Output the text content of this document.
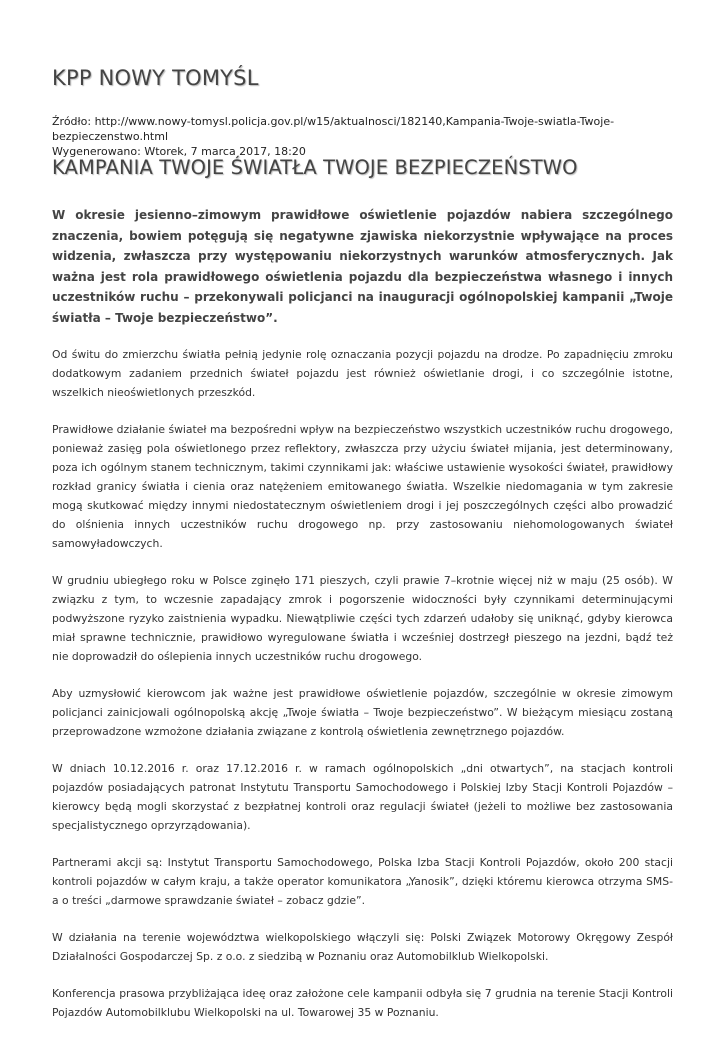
KPP NOWY TOMYŚL
Źródło: http://www.nowy-tomysl.policja.gov.pl/w15/aktualnosci/182140,Kampania-Twoje-swiatla-Twoje-bezpieczenstwo.html
Wygenerowano: Wtorek, 7 marca 2017, 18:20
KAMPANIA TWOJE ŚWIATŁA TWOJE BEZPIECZEŃSTWO

W okresie jesienno–zimowym prawidłowe oświetlenie pojazdów nabiera szczególnego znaczenia, bowiem potęgują się negatywne zjawiska niekorzystnie wpływające na proces widzenia, zwłaszcza przy występowaniu niekorzystnych warunków atmosferycznych. Jak ważna jest rola prawidłowego oświetlenia pojazdu dla bezpieczeństwa własnego i innych uczestników ruchu – przekonywali policjanci na inauguracji ogólnopolskiej kampanii „Twoje światła – Twoje bezpieczeństwo”.

Od świtu do zmierzchu światła pełnią jedynie rolę oznaczania pozycji pojazdu na drodze. Po zapadnięciu zmroku dodatkowym zadaniem przednich świateł pojazdu jest również oświetlanie drogi, i co szczególnie istotne, wszelkich nieoświetlonych przeszkód.

Prawidłowe działanie świateł ma bezpośredni wpływ na bezpieczeństwo wszystkich uczestników ruchu drogowego, ponieważ zasięg pola oświetlonego przez reflektory, zwłaszcza przy użyciu świateł mijania, jest determinowany, poza ich ogólnym stanem technicznym, takimi czynnikami jak: właściwe ustawienie wysokości świateł, prawidłowy rozkład granicy światła i cienia oraz natężeniem emitowanego światła. Wszelkie niedomagania w tym zakresie mogą skutkować między innymi niedostatecznym oświetleniem drogi i jej poszczególnych części albo prowadzić do olśnienia innych uczestników ruchu drogowego np. przy zastosowaniu niehomologowanych świateł samowyładowczych.

W grudniu ubiegłego roku w Polsce zginęło 171 pieszych, czyli prawie 7–krotnie więcej niż w maju (25 osób). W związku z tym, to wczesnie zapadający zmrok i pogorszenie widoczności były czynnikami determinującymi podwyższone ryzyko zaistnienia wypadku. Niewątpliwie części tych zdarzeń udałoby się uniknąć, gdyby kierowca miał sprawne technicznie, prawidłowo wyregulowane światła i wcześniej dostrzegł pieszego na jezdni, bądź też nie doprowadził do oślepienia innych uczestników ruchu drogowego.

Aby uzmysłowić kierowcom jak ważne jest prawidłowe oświetlenie pojazdów, szczególnie w okresie zimowym policjanci zainicjowali ogólnopolską akcję „Twoje światła – Twoje bezpieczeństwo”. W bieżącym miesiącu zostaną przeprowadzone wzmożone działania związane z kontrolą oświetlenia zewnętrznego pojazdów.

W dniach 10.12.2016 r. oraz 17.12.2016 r. w ramach ogólnopolskich „dni otwartych”, na stacjach kontroli pojazdów posiadających patronat Instytutu Transportu Samochodowego i Polskiej Izby Stacji Kontroli Pojazdów – kierowcy będą mogli skorzystać z bezpłatnej kontroli oraz regulacji świateł (jeżeli to możliwe bez zastosowania specjalistycznego oprzyrządowania).

Partnerami akcji są: Instytut Transportu Samochodowego, Polska Izba Stacji Kontroli Pojazdów, około 200 stacji kontroli pojazdów w całym kraju, a także operator komunikatora „Yanosik”, dzięki któremu kierowca otrzyma SMS-a o treści „darmowe sprawdzanie świateł – zobacz gdzie”.

W działania na terenie województwa wielkopolskiego włączyli się: Polski Związek Motorowy Okręgowy Zespół Działalności Gospodarczej Sp. z o.o. z siedzibą w Poznaniu oraz Automobilklub Wielkopolski.

Konferencja prasowa przybliżająca ideę oraz założone cele kampanii odbyła się 7 grudnia na terenie Stacji Kontroli Pojazdów Automobilklubu Wielkopolski na ul. Towarowej 35 w Poznaniu.
